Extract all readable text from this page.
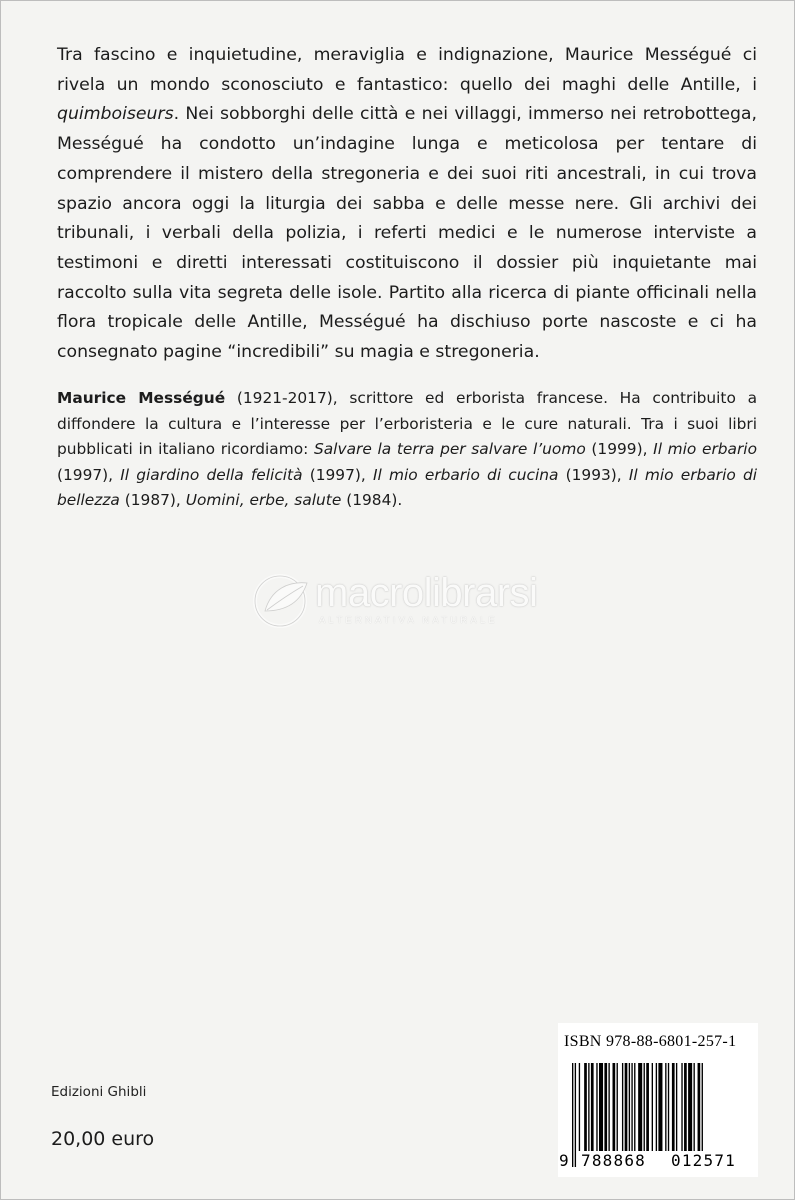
Tra fascino e inquietudine, meraviglia e indignazione, Maurice Mességué ci rivela un mondo sconosciuto e fantastico: quello dei maghi delle Antille, i quimboiseurs. Nei sobborghi delle città e nei villaggi, immerso nei retrobottega, Mességué ha condotto un’indagine lunga e meticolosa per tentare di comprendere il mistero della stregoneria e dei suoi riti ancestrali, in cui trova spazio ancora oggi la liturgia dei sabba e delle messe nere. Gli archivi dei tribunali, i verbali della polizia, i referti medici e le numerose interviste a testimoni e diretti interessati costituiscono il dossier più inquietante mai raccolto sulla vita segreta delle isole. Partito alla ricerca di piante officinali nella flora tropicale delle Antille, Mességué ha dischiuso porte nascoste e ci ha consegnato pagine “incredibili” su magia e stregoneria.

Maurice Mességué (1921-2017), scrittore ed erborista francese. Ha contribuito a diffondere la cultura e l’interesse per l’erboristeria e le cure naturali. Tra i suoi libri pubblicati in italiano ricordiamo: Salvare la terra per salvare l’uomo (1999), Il mio erbario (1997), Il giardino della felicità (1997), Il mio erbario di cucina (1993), Il mio erbario di bellezza (1987), Uomini, erbe, salute (1984).

macrolibrarsi
ALTERNATIVA NATURALE
Edizioni Ghibli
20,00 euro
ISBN 978-88-6801-257-1
9 788868 012571
